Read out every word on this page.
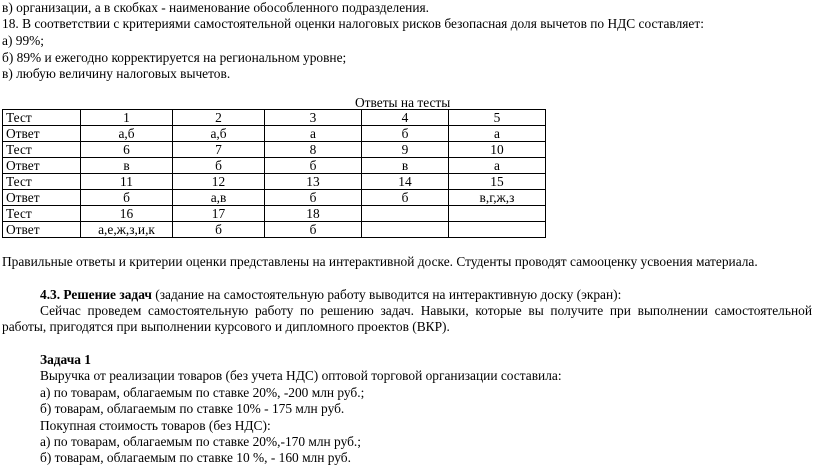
в) организации, а в скобках - наименование обособленного подразделения.
18. В соответствии с критериями самостоятельной оценки налоговых рисков безопасная доля вычетов по НДС составляет:
а) 99%;
б) 89% и ежегодно корректируется на региональном уровне;
в) любую величину налоговых вычетов.
Ответы на тесты
Тест	1	2	3	4	5
Ответ	а,б	а,б	а	б	а
Тест	6	7	8	9	10
Ответ	в	б	б	в	а
Тест	11	12	13	14	15
Ответ	б	а,в	б	б	в,г,ж,з
Тест	16	17	18		
Ответ	а,е,ж,з,и,к	б	б		
Правильные ответы и критерии оценки представлены на интерактивной доске. Студенты проводят самооценку усвоения материала.
4.3. Решение задач (задание на самостоятельную работу выводится на интерактивную доску (экран):
Сейчас проведем самостоятельную работу по решению задач. Навыки, которые вы получите при выполнении самостоятельной работы, пригодятся при выполнении курсового и дипломного проектов (ВКР).
Задача 1
Выручка от реализации товаров (без учета НДС) оптовой торговой организации составила:
а) по товарам, облагаемым по ставке 20%, -200 млн руб.;
б) товарам, облагаемым по ставке 10% - 175 млн руб.
Покупная стоимость товаров (без НДС):
а) по товарам, облагаемым по ставке 20%,-170 млн руб.;
б) товарам, облагаемым по ставке 10 %, - 160 млн руб.
